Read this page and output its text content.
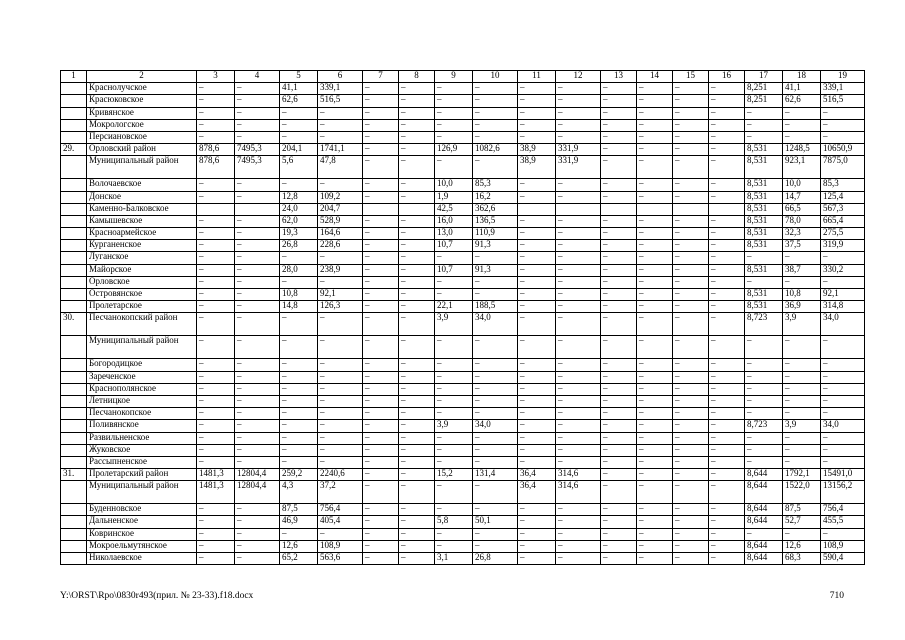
1	2	3	4	5	6	7	8	9	10	11	12	13	14	15	16	17	18	19
	Краснолучское	–	–	41,1	339,1	–	–	–	–	–	–	–	–	–	–	8,251	41,1	339,1
	Красюковское	–	–	62,6	516,5	–	–	–	–	–	–	–	–	–	–	8,251	62,6	516,5
	Кривянское	–	–	–	–	–	–	–	–	–	–	–	–	–	–	–	–	–
	Мокрологское	–	–	–	–	–	–	–	–	–	–	–	–	–	–	–	–	–
	Персиановское	–	–	–	–	–	–	–	–	–	–	–	–	–	–	–	–	–
29.	Орловский район	878,6	7495,3	204,1	1741,1	–	–	126,9	1082,6	38,9	331,9	–	–	–	–	8,531	1248,5	10650,9
	Муниципальный район	878,6	7495,3	5,6	47,8	–	–	–	–	38,9	331,9	–	–	–	–	8,531	923,1	7875,0
	Волочаевское	–	–	–	–	–	–	10,0	85,3	–	–	–	–	–	–	8,531	10,0	85,3
	Донское	–	–	12,8	109,2	–	–	1,9	16,2	–	–	–	–	–	–	8,531	14,7	125,4
	Каменно-Балковское			24,0	204,7			42,5	362,6							8,531	66,5	567,3
	Камышевское	–	–	62,0	528,9	–	–	16,0	136,5	–	–	–	–	–	–	8,531	78,0	665,4
	Красноармейское	–	–	19,3	164,6	–	–	13,0	110,9	–	–	–	–	–	–	8,531	32,3	275,5
	Курганенское	–	–	26,8	228,6	–	–	10,7	91,3	–	–	–	–	–	–	8,531	37,5	319,9
	Луганское	–	–	–	–	–	–	–	–	–	–	–	–	–	–	–	–	–
	Майорское	–	–	28,0	238,9	–	–	10,7	91,3	–	–	–	–	–	–	8,531	38,7	330,2
	Орловское	–	–	–	–	–	–	–	–	–	–	–	–	–	–	–	–	–
	Островянское	–	–	10,8	92,1	–	–	–	–	–	–	–	–	–	–	8,531	10,8	92,1
	Пролетарское	–	–	14,8	126,3	–	–	22,1	188,5	–	–	–	–	–	–	8,531	36,9	314,8
30.	Песчанокопский район	–	–	–	–	–	–	3,9	34,0	–	–	–	–	–	–	8,723	3,9	34,0
	Муниципальный район	–	–	–	–	–	–	–	–	–	–	–	–	–	–	–	–	–
	Богородицкое	–	–	–	–	–	–	–	–	–	–	–	–	–	–	–	–	–
	Зареченское	–	–	–	–	–	–	–	–	–	–	–	–	–	–	–	–	–
	Краснополянское	–	–	–	–	–	–	–	–	–	–	–	–	–	–	–	–	–
	Летницкое	–	–	–	–	–	–	–	–	–	–	–	–	–	–	–	–	–
	Песчанокопское	–	–	–	–	–	–	–	–	–	–	–	–	–	–	–	–	–
	Поливянское	–	–	–	–	–	–	3,9	34,0	–	–	–	–	–	–	8,723	3,9	34,0
	Развильненское	–	–	–	–	–	–	–	–	–	–	–	–	–	–	–	–	–
	Жуковское	–	–	–	–	–	–	–	–	–	–	–	–	–	–	–	–	–
	Рассыпненское	–	–	–	–	–	–	–	–	–	–	–	–	–	–	–	–	–
31.	Пролетарский район	1481,3	12804,4	259,2	2240,6	–	–	15,2	131,4	36,4	314,6	–	–	–	–	8,644	1792,1	15491,0
	Муниципальный район	1481,3	12804,4	4,3	37,2	–	–	–	–	36,4	314,6	–	–	–	–	8,644	1522,0	13156,2
	Буденновское	–	–	87,5	756,4	–	–	–	–	–	–	–	–	–	–	8,644	87,5	756,4
	Дальненское	–	–	46,9	405,4	–	–	5,8	50,1	–	–	–	–	–	–	8,644	52,7	455,5
	Ковринское	–	–	–	–	–	–	–	–	–	–	–	–	–	–	–	–	–
	Мокроельмутянское	–	–	12,6	108,9	–	–	–	–	–	–	–	–	–	–	8,644	12,6	108,9
	Николаевское	–	–	65,2	563,6	–	–	3,1	26,8	–	–	–	–	–	–	8,644	68,3	590,4
Y:\ORST\Rpo\0830r493(прил. № 23-33).f18.docx	710
